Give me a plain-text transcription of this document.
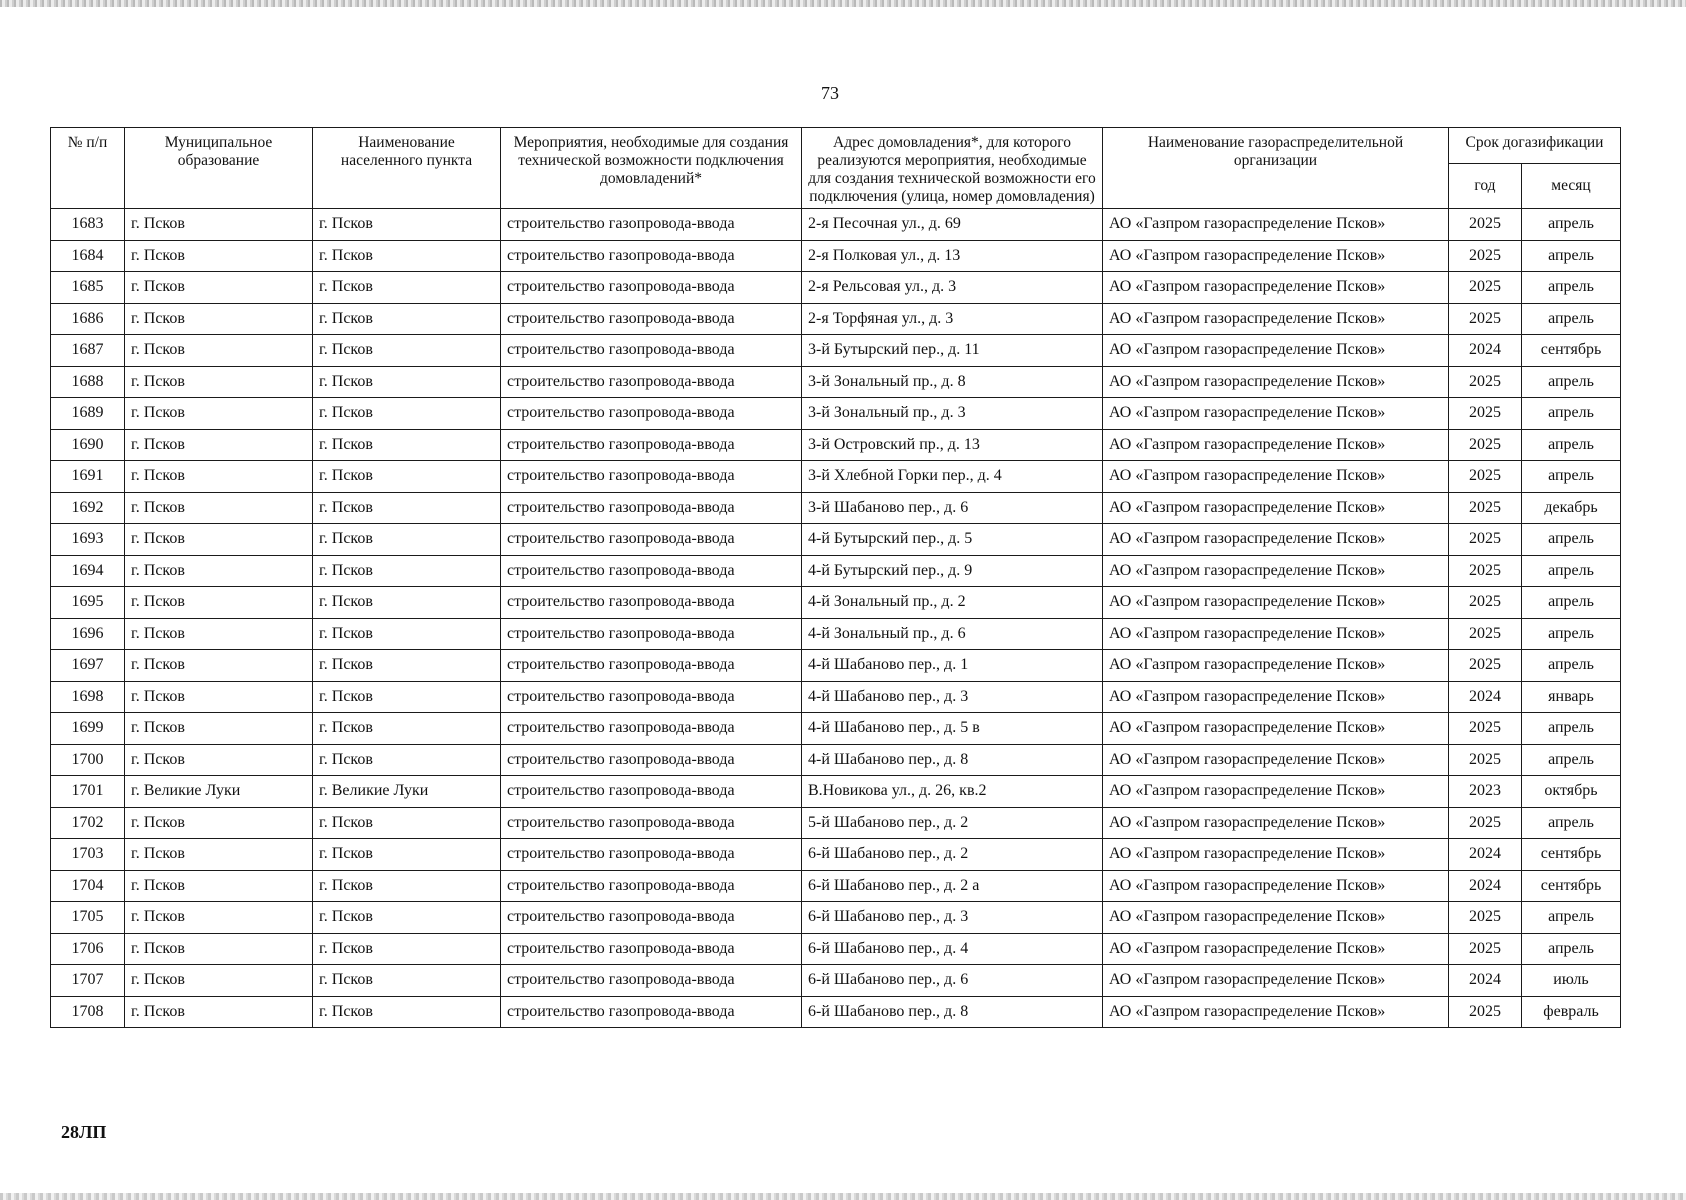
73
№ п/п	Муниципальное образование	Наименование населенного пункта	Мероприятия, необходимые для создания технической возможности подключения домовладений*	Адрес домовладения*, для которого реализуются мероприятия, необходимые для создания технической возможности его подключения (улица, номер домовладения)	Наименование газораспределительной организации	Срок догазификации	
						год	месяц
1683	г. Псков	г. Псков	строительство газопровода-ввода	2-я Песочная ул., д. 69	АО «Газпром газораспределение Псков»	2025	апрель
1684	г. Псков	г. Псков	строительство газопровода-ввода	2-я Полковая ул., д. 13	АО «Газпром газораспределение Псков»	2025	апрель
1685	г. Псков	г. Псков	строительство газопровода-ввода	2-я Рельсовая ул., д. 3	АО «Газпром газораспределение Псков»	2025	апрель
1686	г. Псков	г. Псков	строительство газопровода-ввода	2-я Торфяная ул., д. 3	АО «Газпром газораспределение Псков»	2025	апрель
1687	г. Псков	г. Псков	строительство газопровода-ввода	3-й Бутырский пер., д. 11	АО «Газпром газораспределение Псков»	2024	сентябрь
1688	г. Псков	г. Псков	строительство газопровода-ввода	3-й Зональный пр., д. 8	АО «Газпром газораспределение Псков»	2025	апрель
1689	г. Псков	г. Псков	строительство газопровода-ввода	3-й Зональный пр., д. 3	АО «Газпром газораспределение Псков»	2025	апрель
1690	г. Псков	г. Псков	строительство газопровода-ввода	3-й Островский пр., д. 13	АО «Газпром газораспределение Псков»	2025	апрель
1691	г. Псков	г. Псков	строительство газопровода-ввода	3-й Хлебной Горки пер., д. 4	АО «Газпром газораспределение Псков»	2025	апрель
1692	г. Псков	г. Псков	строительство газопровода-ввода	3-й Шабаново пер., д. 6	АО «Газпром газораспределение Псков»	2025	декабрь
1693	г. Псков	г. Псков	строительство газопровода-ввода	4-й Бутырский пер., д. 5	АО «Газпром газораспределение Псков»	2025	апрель
1694	г. Псков	г. Псков	строительство газопровода-ввода	4-й Бутырский пер., д. 9	АО «Газпром газораспределение Псков»	2025	апрель
1695	г. Псков	г. Псков	строительство газопровода-ввода	4-й Зональный пр., д. 2	АО «Газпром газораспределение Псков»	2025	апрель
1696	г. Псков	г. Псков	строительство газопровода-ввода	4-й Зональный пр., д. 6	АО «Газпром газораспределение Псков»	2025	апрель
1697	г. Псков	г. Псков	строительство газопровода-ввода	4-й Шабаново пер., д. 1	АО «Газпром газораспределение Псков»	2025	апрель
1698	г. Псков	г. Псков	строительство газопровода-ввода	4-й Шабаново пер., д. 3	АО «Газпром газораспределение Псков»	2024	январь
1699	г. Псков	г. Псков	строительство газопровода-ввода	4-й Шабаново пер., д. 5 в	АО «Газпром газораспределение Псков»	2025	апрель
1700	г. Псков	г. Псков	строительство газопровода-ввода	4-й Шабаново пер., д. 8	АО «Газпром газораспределение Псков»	2025	апрель
1701	г. Великие Луки	г. Великие Луки	строительство газопровода-ввода	В.Новикова ул., д. 26, кв.2	АО «Газпром газораспределение Псков»	2023	октябрь
1702	г. Псков	г. Псков	строительство газопровода-ввода	5-й Шабаново пер., д. 2	АО «Газпром газораспределение Псков»	2025	апрель
1703	г. Псков	г. Псков	строительство газопровода-ввода	6-й Шабаново пер., д. 2	АО «Газпром газораспределение Псков»	2024	сентябрь
1704	г. Псков	г. Псков	строительство газопровода-ввода	6-й Шабаново пер., д. 2 а	АО «Газпром газораспределение Псков»	2024	сентябрь
1705	г. Псков	г. Псков	строительство газопровода-ввода	6-й Шабаново пер., д. 3	АО «Газпром газораспределение Псков»	2025	апрель
1706	г. Псков	г. Псков	строительство газопровода-ввода	6-й Шабаново пер., д. 4	АО «Газпром газораспределение Псков»	2025	апрель
1707	г. Псков	г. Псков	строительство газопровода-ввода	6-й Шабаново пер., д. 6	АО «Газпром газораспределение Псков»	2024	июль
1708	г. Псков	г. Псков	строительство газопровода-ввода	6-й Шабаново пер., д. 8	АО «Газпром газораспределение Псков»	2025	февраль
28ЛП
